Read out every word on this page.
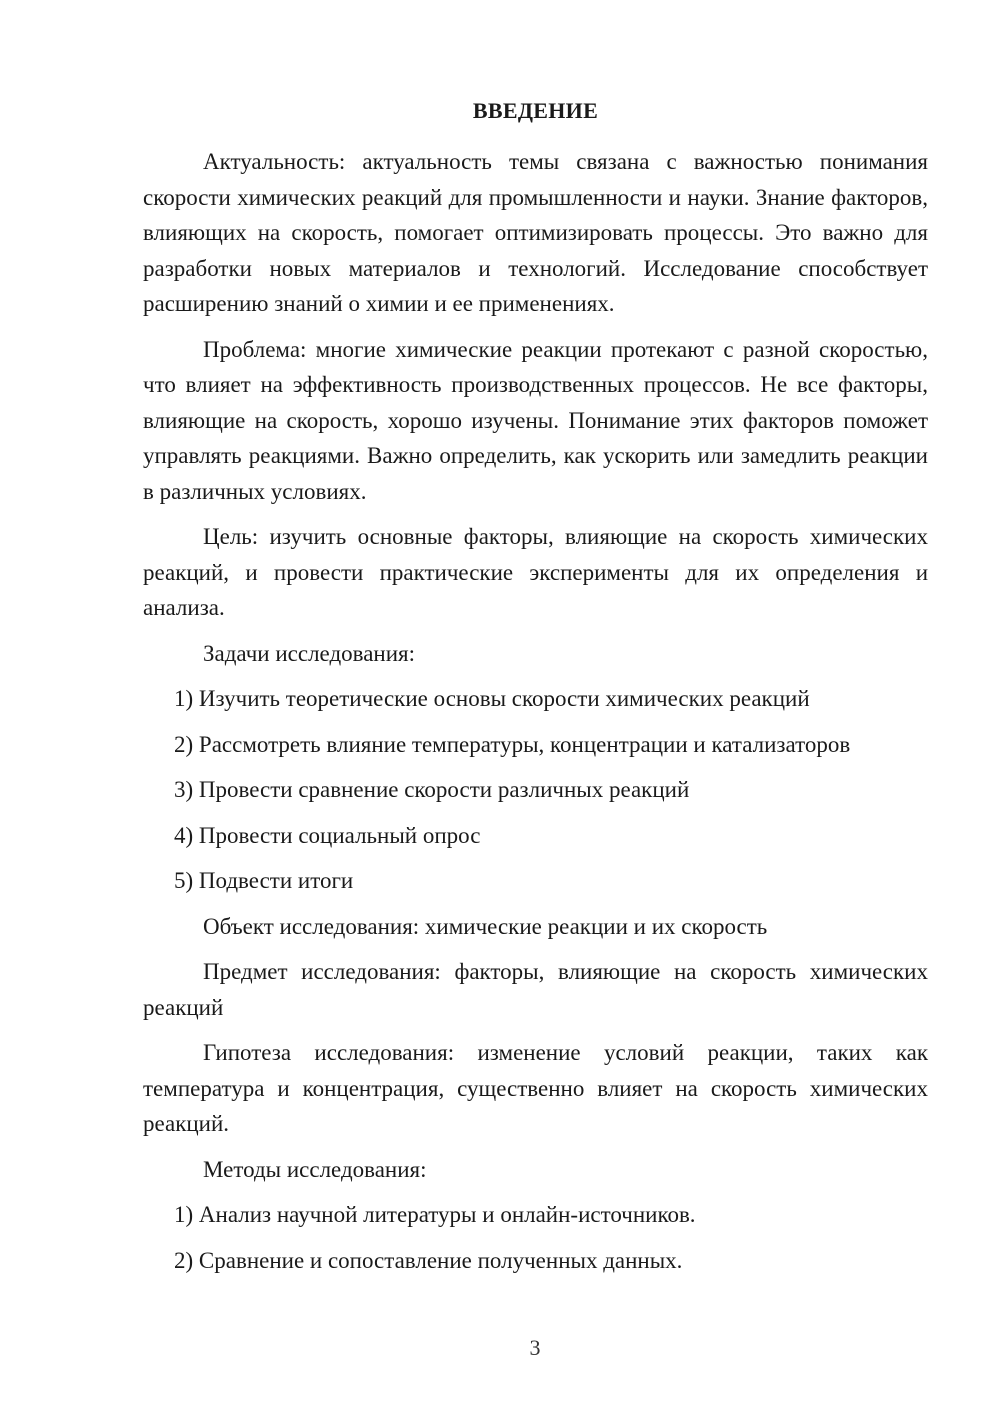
ВВЕДЕНИЕ

Актуальность: актуальность темы связана с важностью понимания скорости химических реакций для промышленности и науки. Знание факторов, влияющих на скорость, помогает оптимизировать процессы. Это важно для разработки новых материалов и технологий. Исследование способствует расширению знаний о химии и ее применениях.

Проблема: многие химические реакции протекают с разной скоростью, что влияет на эффективность производственных процессов. Не все факторы, влияющие на скорость, хорошо изучены. Понимание этих факторов поможет управлять реакциями. Важно определить, как ускорить или замедлить реакции в различных условиях.

Цель: изучить основные факторы, влияющие на скорость химических реакций, и провести практические эксперименты для их определения и анализа.

Задачи исследования:
1) Изучить теоретические основы скорости химических реакций
2) Рассмотреть влияние температуры, концентрации и катализаторов
3) Провести сравнение скорости различных реакций
4) Провести социальный опрос
5) Подвести итоги
Объект исследования: химические реакции и их скорость

Предмет исследования: факторы, влияющие на скорость химических реакций

Гипотеза исследования: изменение условий реакции, таких как температура и концентрация, существенно влияет на скорость химических реакций.

Методы исследования:
1) Анализ научной литературы и онлайн-источников.
2) Сравнение и сопоставление полученных данных.
3
